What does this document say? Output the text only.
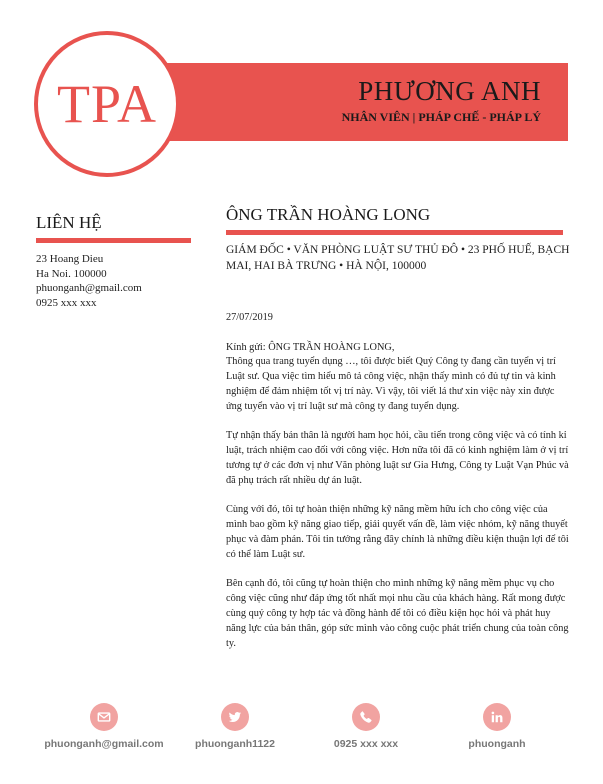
PHƯƠNG ANH
NHÂN VIÊN | PHÁP CHẾ - PHÁP LÝ
TPA
LIÊN HỆ
23 Hoang Dieu
Ha Noi. 100000
phuonganh@gmail.com
0925 xxx xxx
ÔNG TRẦN HOÀNG LONG
GIÁM ĐỐC • VĂN PHÒNG LUẬT SƯ THỦ ĐÔ • 23 PHỐ HUẾ, BẠCH MAI, HAI BÀ TRƯNG • HÀ NỘI, 100000
27/07/2019
Kính gửi: ÔNG TRẦN HOÀNG LONG,

Thông qua trang tuyển dụng …, tôi được biết Quý Công ty đang cần tuyển vị trí Luật sư. Qua việc tìm hiểu mô tả công việc, nhận thấy mình có đủ tự tin và kinh nghiệm để đảm nhiệm tốt vị trí này. Vì vậy, tôi viết lá thư xin việc này xin được ứng tuyển vào vị trí luật sư mà công ty đang tuyển dụng.

Tự nhận thấy bản thân là người ham học hỏi, cầu tiến trong công việc và có tính kỉ luật, trách nhiệm cao đối với công việc. Hơn nữa tôi đã có kinh nghiệm làm ở vị trí tương tự ở các đơn vị như Văn phòng luật sư Gia Hưng, Công ty Luật Vạn Phúc và đã phụ trách rất nhiều dự án luật.

Cùng với đó, tôi tự hoàn thiện những kỹ năng mềm hữu ích cho công việc của mình bao gồm kỹ năng giao tiếp, giải quyết vấn đề, làm việc nhóm, kỹ năng thuyết phục và đàm phán. Tôi tin tưởng rằng đây chính là những điều kiện thuận lợi để tôi có thể làm Luật sư.

Bên cạnh đó, tôi cũng tự hoàn thiện cho mình những kỹ năng mềm phục vụ cho công việc cũng như đáp ứng tốt nhất mọi nhu cầu của khách hàng. Rất mong được cùng quý công ty hợp tác và đồng hành để tôi có điều kiện học hỏi và phát huy năng lực của bản thân, góp sức mình vào công cuộc phát triển chung của toàn công ty.

phuonganh@gmail.com	phuonganh1122	0925 xxx xxx	phuonganh
